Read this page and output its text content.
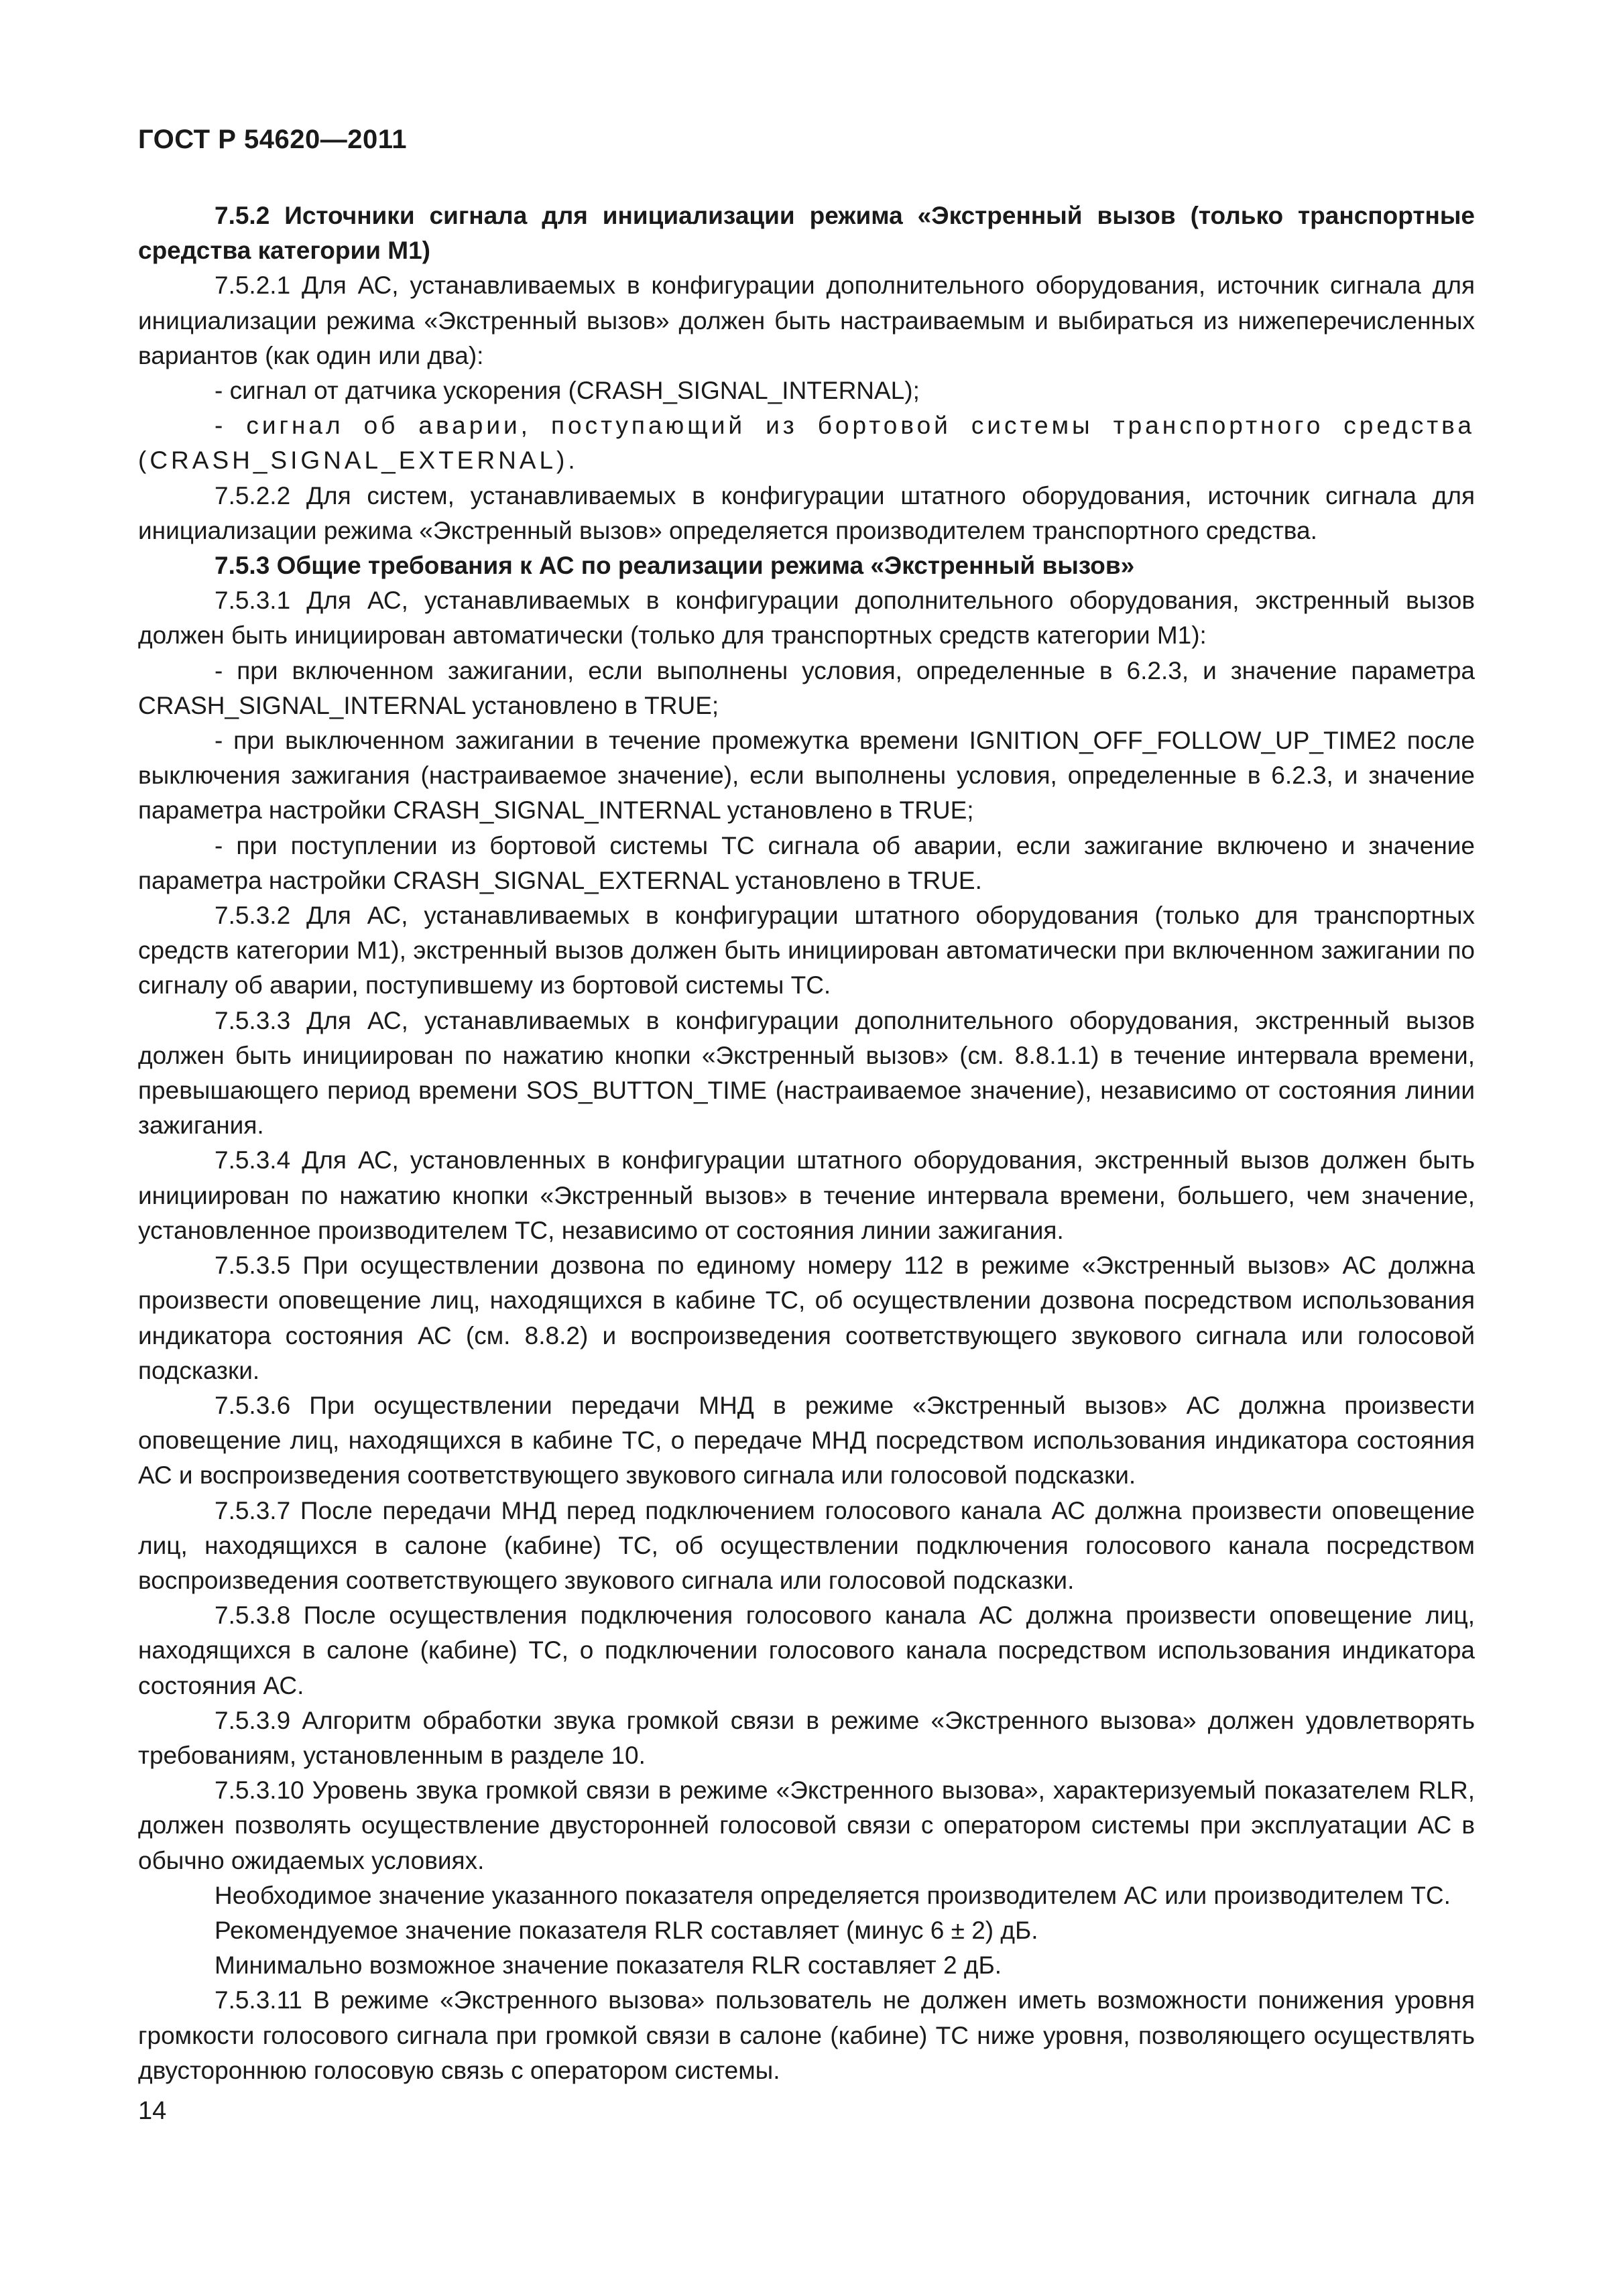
ГОСТ Р 54620—2011

7.5.2 Источники сигнала для инициализации режима «Экстренный вызов (только транспортные средства категории М1)

7.5.2.1 Для АС, устанавливаемых в конфигурации дополнительного оборудования, источник сигнала для инициализации режима «Экстренный вызов» должен быть настраиваемым и выбираться из нижеперечисленных вариантов (как один или два):

- сигнал от датчика ускорения (CRASH_SIGNAL_INTERNAL);

- сигнал об аварии, поступающий из бортовой системы транспортного средства (CRASH_SIGNAL_EXTERNAL).

7.5.2.2 Для систем, устанавливаемых в конфигурации штатного оборудования, источник сигнала для инициализации режима «Экстренный вызов» определяется производителем транспортного средства.

7.5.3 Общие требования к АС по реализации режима «Экстренный вызов»

7.5.3.1 Для АС, устанавливаемых в конфигурации дополнительного оборудования, экстренный вызов должен быть инициирован автоматически (только для транспортных средств категории М1):

- при включенном зажигании, если выполнены условия, определенные в 6.2.3, и значение параметра CRASH_SIGNAL_INTERNAL установлено в TRUE;

- при выключенном зажигании в течение промежутка времени IGNITION_OFF_FOLLOW_UP_TIME2 после выключения зажигания (настраиваемое значение), если выполнены условия, определенные в 6.2.3, и значение параметра настройки CRASH_SIGNAL_INTERNAL установлено в TRUE;

- при поступлении из бортовой системы ТС сигнала об аварии, если зажигание включено и значение параметра настройки CRASH_SIGNAL_EXTERNAL установлено в TRUE.

7.5.3.2 Для АС, устанавливаемых в конфигурации штатного оборудования (только для транспортных средств категории М1), экстренный вызов должен быть инициирован автоматически при включенном зажигании по сигналу об аварии, поступившему из бортовой системы ТС.

7.5.3.3 Для АС, устанавливаемых в конфигурации дополнительного оборудования, экстренный вызов должен быть инициирован по нажатию кнопки «Экстренный вызов» (см. 8.8.1.1) в течение интервала времени, превышающего период времени SOS_BUTTON_TIME (настраиваемое значение), независимо от состояния линии зажигания.

7.5.3.4 Для АС, установленных в конфигурации штатного оборудования, экстренный вызов должен быть инициирован по нажатию кнопки «Экстренный вызов» в течение интервала времени, большего, чем значение, установленное производителем ТС, независимо от состояния линии зажигания.

7.5.3.5 При осуществлении дозвона по единому номеру 112 в режиме «Экстренный вызов» АС должна произвести оповещение лиц, находящихся в кабине ТС, об осуществлении дозвона посредством использования индикатора состояния АС (см. 8.8.2) и воспроизведения соответствующего звукового сигнала или голосовой подсказки.

7.5.3.6 При осуществлении передачи МНД в режиме «Экстренный вызов» АС должна произвести оповещение лиц, находящихся в кабине ТС, о передаче МНД посредством использования индикатора состояния АС и воспроизведения соответствующего звукового сигнала или голосовой подсказки.

7.5.3.7 После передачи МНД перед подключением голосового канала АС должна произвести оповещение лиц, находящихся в салоне (кабине) ТС, об осуществлении подключения голосового канала посредством воспроизведения соответствующего звукового сигнала или голосовой подсказки.

7.5.3.8 После осуществления подключения голосового канала АС должна произвести оповещение лиц, находящихся в салоне (кабине) ТС, о подключении голосового канала посредством использования индикатора состояния АС.

7.5.3.9 Алгоритм обработки звука громкой связи в режиме «Экстренного вызова» должен удовлетворять требованиям, установленным в разделе 10.

7.5.3.10 Уровень звука громкой связи в режиме «Экстренного вызова», характеризуемый показателем RLR, должен позволять осуществление двусторонней голосовой связи с оператором системы при эксплуатации АС в обычно ожидаемых условиях.

Необходимое значение указанного показателя определяется производителем АС или производителем ТС.

Рекомендуемое значение показателя RLR составляет (минус 6 ± 2) дБ.

Минимально возможное значение показателя RLR составляет 2 дБ.

7.5.3.11 В режиме «Экстренного вызова» пользователь не должен иметь возможности понижения уровня громкости голосового сигнала при громкой связи в салоне (кабине) ТС ниже уровня, позволяющего осуществлять двустороннюю голосовую связь с оператором системы.

14
